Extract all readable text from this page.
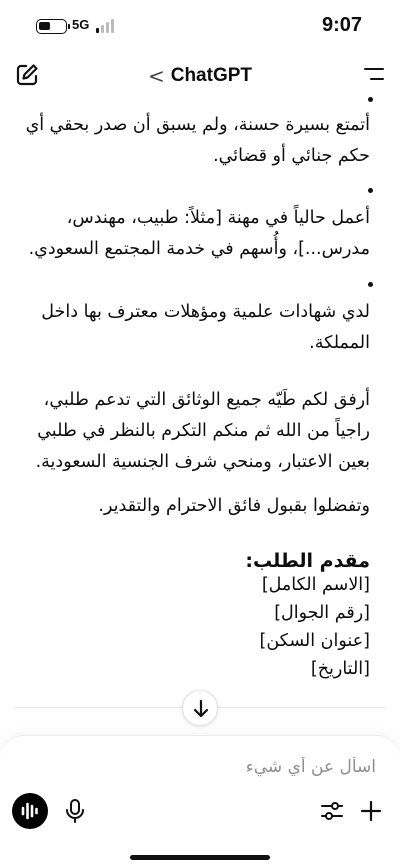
5G	9:07
< ChatGPT

أتمتع بسيرة حسنة، ولم يسبق أن صدر بحقي أي حكم جنائي أو قضائي.

أعمل حالياً في مهنة [مثلاً: طبيب، مهندس، مدرس...]، وأُسهم في خدمة المجتمع السعودي.

لدي شهادات علمية ومؤهلات معترف بها داخل المملكة.

أرفق لكم طَيّه جميع الوثائق التي تدعم طلبي، راجياً من الله ثم منكم التكرم بالنظر في طلبي بعين الاعتبار، ومنحي شرف الجنسية السعودية.

وتفضلوا بقبول فائق الاحترام والتقدير.

مقدم الطلب:
[الاسم الكامل]
[رقم الجوال]
[عنوان السكن]
[التاريخ]
اسأل عن أي شيء
